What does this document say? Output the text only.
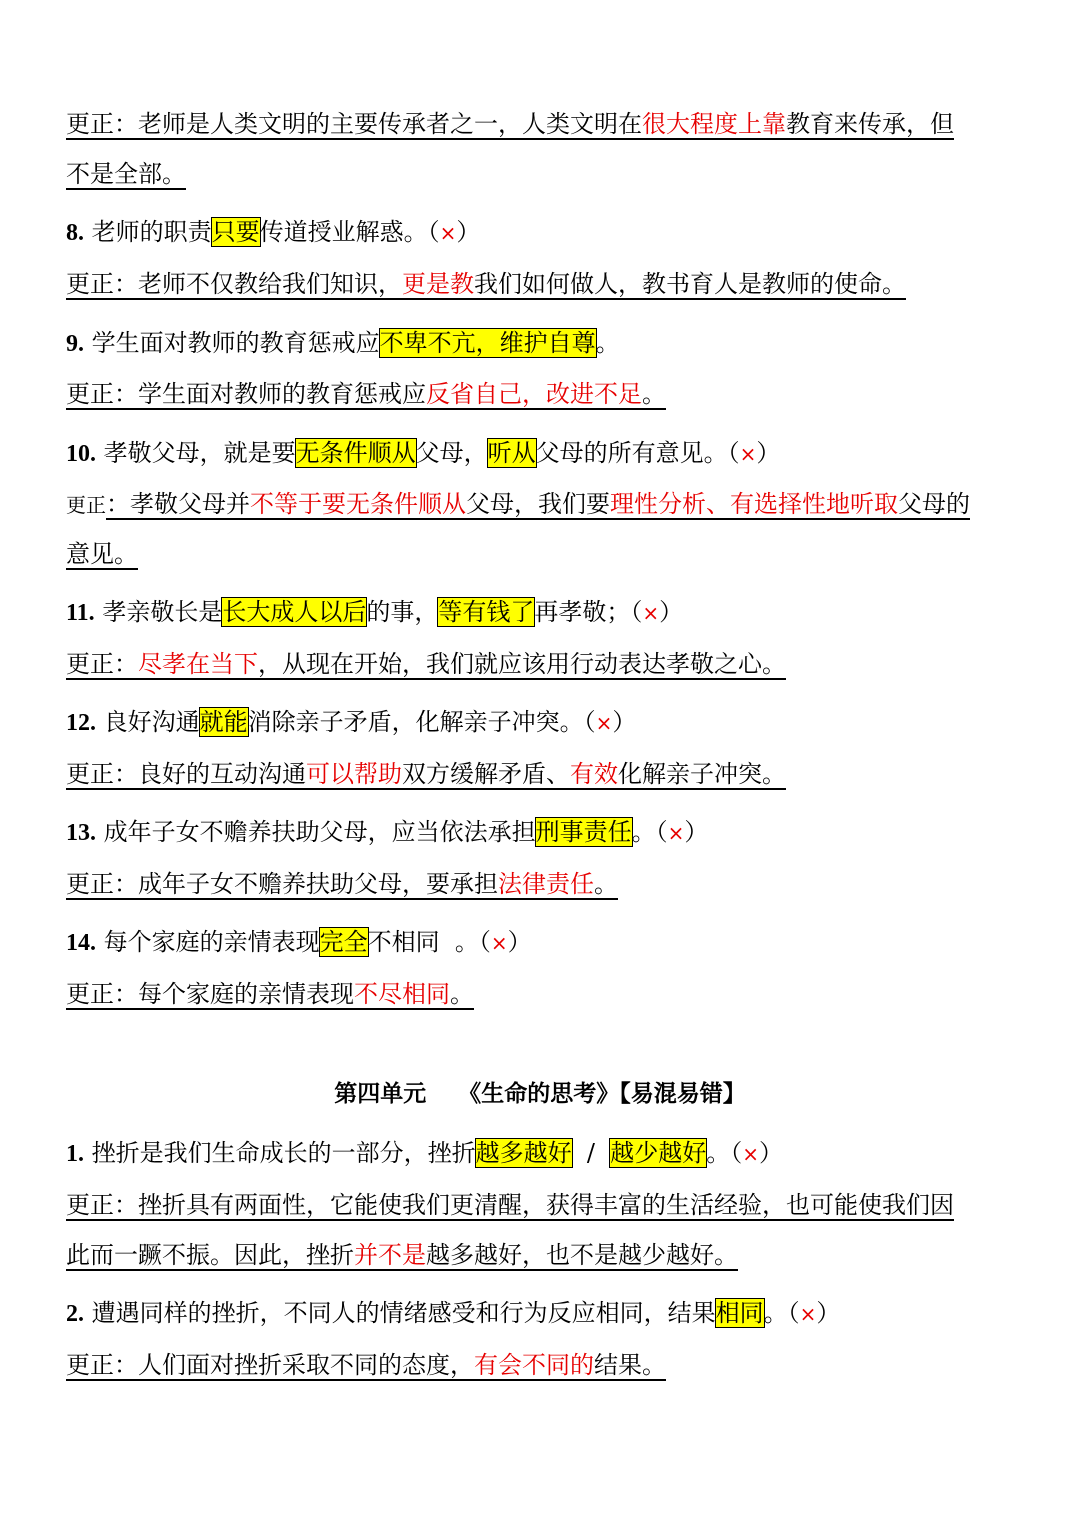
更正：老师是人类文明的主要传承者之一，人类文明在很大程度上靠教育来传承，但
不是全部。
8. 老师的职责只要传道授业解惑。（×）
更正：老师不仅教给我们知识，更是教我们如何做人，教书育人是教师的使命。
9. 学生面对教师的教育惩戒应不卑不亢，维护自尊。
更正：学生面对教师的教育惩戒应反省自己，改进不足。
10. 孝敬父母，就是要无条件顺从父母，听从父母的所有意见。（×）
更正：孝敬父母并不等于要无条件顺从父母，我们要理性分析、有选择性地听取父母的
意见。
11. 孝亲敬长是长大成人以后的事，等有钱了再孝敬；（×）
更正：尽孝在当下，从现在开始，我们就应该用行动表达孝敬之心。
12. 良好沟通就能消除亲子矛盾，化解亲子冲突。（×）
更正：良好的互动沟通可以帮助双方缓解矛盾、有效化解亲子冲突。
13. 成年子女不赡养扶助父母，应当依法承担刑事责任。（×）
更正：成年子女不赡养扶助父母，要承担法律责任。
14. 每个家庭的亲情表现完全不相同  。（×）
更正：每个家庭的亲情表现不尽相同。
第四单元    《生命的思考》【易混易错】
1. 挫折是我们生命成长的一部分，挫折越多越好  /  越少越好。（×）
更正：挫折具有两面性，它能使我们更清醒，获得丰富的生活经验，也可能使我们因
此而一蹶不振。因此，挫折并不是越多越好，也不是越少越好。
2. 遭遇同样的挫折，不同人的情绪感受和行为反应相同，结果相同。（×）
更正：人们面对挫折采取不同的态度，有会不同的结果。
